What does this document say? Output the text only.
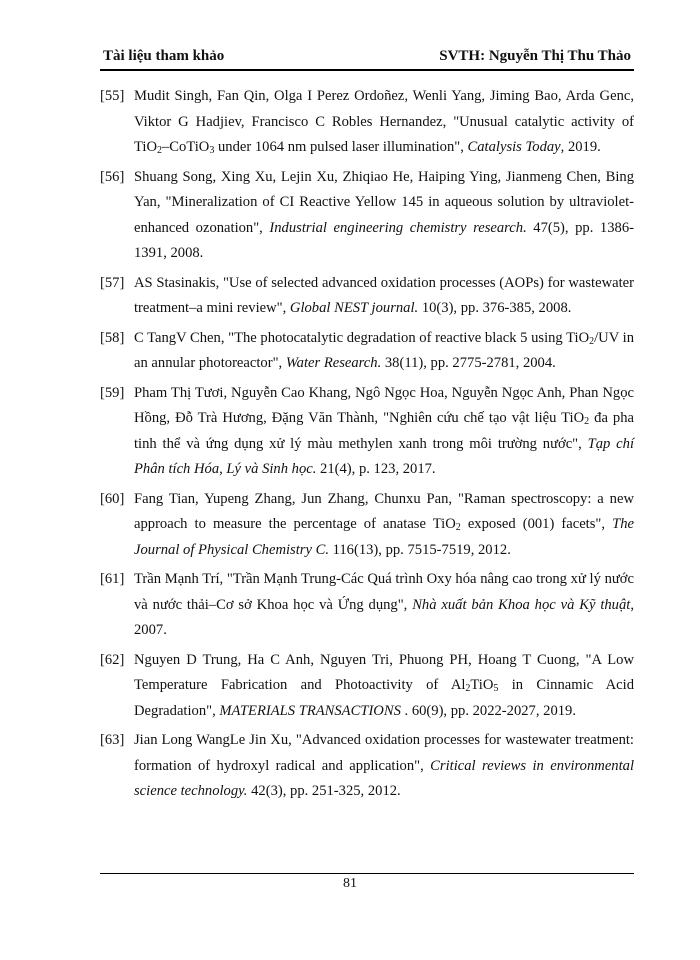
Tài liệu tham khảo	SVTH: Nguyễn Thị Thu Thảo
[55] Mudit Singh, Fan Qin, Olga I Perez Ordoñez, Wenli Yang, Jiming Bao, Arda Genc, Viktor G Hadjiev, Francisco C Robles Hernandez, "Unusual catalytic activity of TiO$_2$–CoTiO$_3$ under 1064 nm pulsed laser illumination", Catalysis Today, 2019.
[56] Shuang Song, Xing Xu, Lejin Xu, Zhiqiao He, Haiping Ying, Jianmeng Chen, Bing Yan, "Mineralization of CI Reactive Yellow 145 in aqueous solution by ultraviolet-enhanced ozonation", Industrial engineering chemistry research. 47(5), pp. 1386-1391, 2008.
[57] AS Stasinakis, "Use of selected advanced oxidation processes (AOPs) for wastewater treatment–a mini review", Global NEST journal. 10(3), pp. 376-385, 2008.
[58] C TangV Chen, "The photocatalytic degradation of reactive black 5 using TiO$_2$/UV in an annular photoreactor", Water Research. 38(11), pp. 2775-2781, 2004.
[59] Pham Thị Tươi, Nguyễn Cao Khang, Ngô Ngọc Hoa, Nguyễn Ngọc Anh, Phan Ngọc Hồng, Đỗ Trà Hương, Đặng Văn Thành, "Nghiên cứu chế tạo vật liệu TiO$_2$ đa pha tinh thể và ứng dụng xử lý màu methylen xanh trong môi trường nước", Tạp chí Phân tích Hóa, Lý và Sinh học. 21(4), p. 123, 2017.
[60] Fang Tian, Yupeng Zhang, Jun Zhang, Chunxu Pan, "Raman spectroscopy: a new approach to measure the percentage of anatase TiO$_2$ exposed (001) facets", The Journal of Physical Chemistry C. 116(13), pp. 7515-7519, 2012.
[61] Trần Mạnh Trí, "Trần Mạnh Trung-Các Quá trình Oxy hóa nâng cao trong xử lý nước và nước thải–Cơ sở Khoa học và Ứng dụng", Nhà xuất bản Khoa học và Kỹ thuật, 2007.
[62] Nguyen D Trung, Ha C Anh, Nguyen Tri, Phuong PH, Hoang T Cuong, "A Low Temperature Fabrication and Photoactivity of $Al_2TiO_5$ in Cinnamic Acid Degradation", MATERIALS TRANSACTIONS . 60(9), pp. 2022-2027, 2019.
[63] Jian Long WangLe Jin Xu, "Advanced oxidation processes for wastewater treatment: formation of hydroxyl radical and application", Critical reviews in environmental science technology. 42(3), pp. 251-325, 2012.
81
